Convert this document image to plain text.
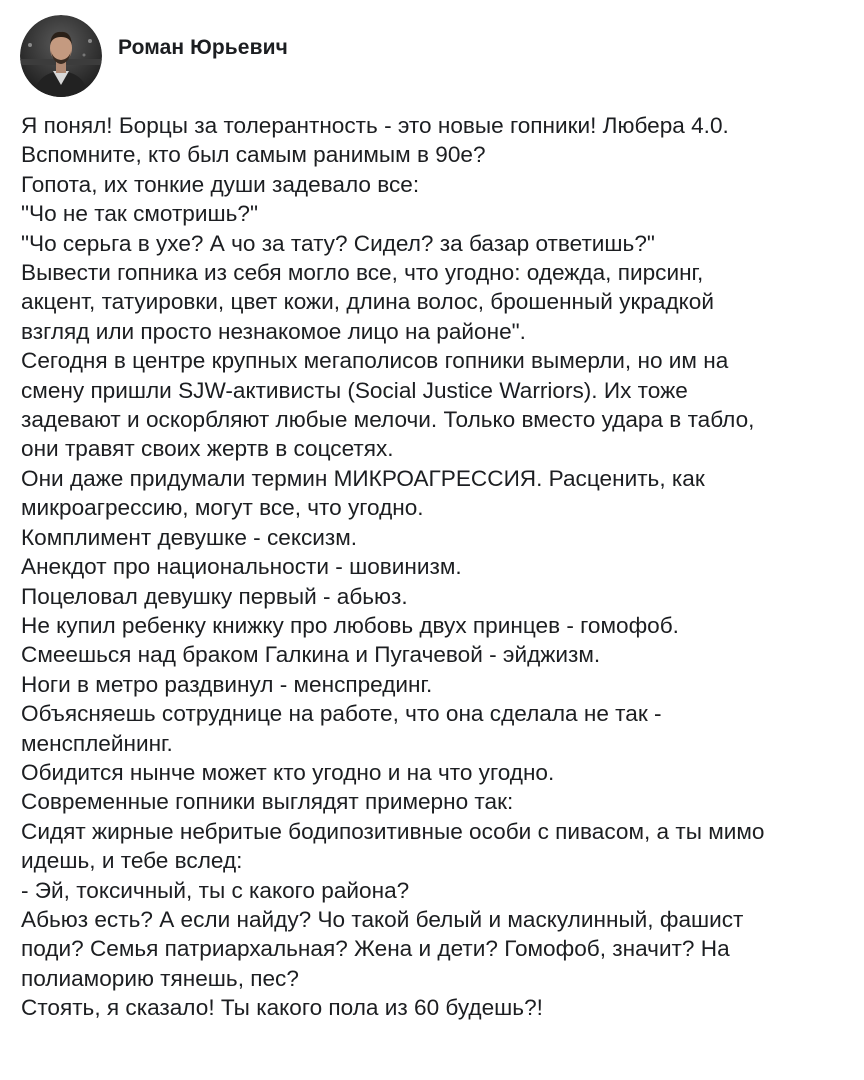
Роман Юрьевич
Я понял! Борцы за толерантность - это новые гопники! Люберa 4.0.
Вспомните, кто был самым ранимым в 90е?
Гопота, их тонкие души задевало все:
"Чо не так смотришь?"
"Чо серьга в ухе? А чо за тату? Сидел? за базар ответишь?"
Вывести гопника из себя могло все, что угодно: одежда, пирсинг,
акцент, татуировки, цвет кожи, длина волос, брошенный украдкой
взгляд или просто незнакомое лицо на районе".
Сегодня в центре крупных мегаполисов гопники вымерли, но им на
смену пришли SJW-активисты (Social Justice Warriors). Их тоже
задевают и оскорбляют любые мелочи. Только вместо удара в табло,
они травят своих жертв в соцсетях.
Они даже придумали термин МИКРОАГРЕССИЯ. Расценить, как
микроагрессию, могут все, что угодно.
Комплимент девушке - сексизм.
Анекдот про национальности - шовинизм.
Поцеловал девушку первый - абьюз.
Не купил ребенку книжку про любовь двух принцев - гомофоб.
Смеешься над браком Галкина и Пугачевой - эйджизм.
Ноги в метро раздвинул - менспрединг.
Объясняешь сотруднице на работе, что она сделала не так -
менсплейнинг.
Обидится нынче может кто угодно и на что угодно.
Современные гопники выглядят примерно так:
Сидят жирные небритые бодипозитивные особи с пивасом, а ты мимо
идешь, и тебе вслед:
- Эй, токсичный, ты с какого района?
Абьюз есть? А если найду? Чо такой белый и маскулинный, фашист
поди? Семья патриархальная? Жена и дети? Гомофоб, значит? На
полиаморию тянешь, пес?
Стоять, я сказало! Ты какого пола из 60 будешь?!
